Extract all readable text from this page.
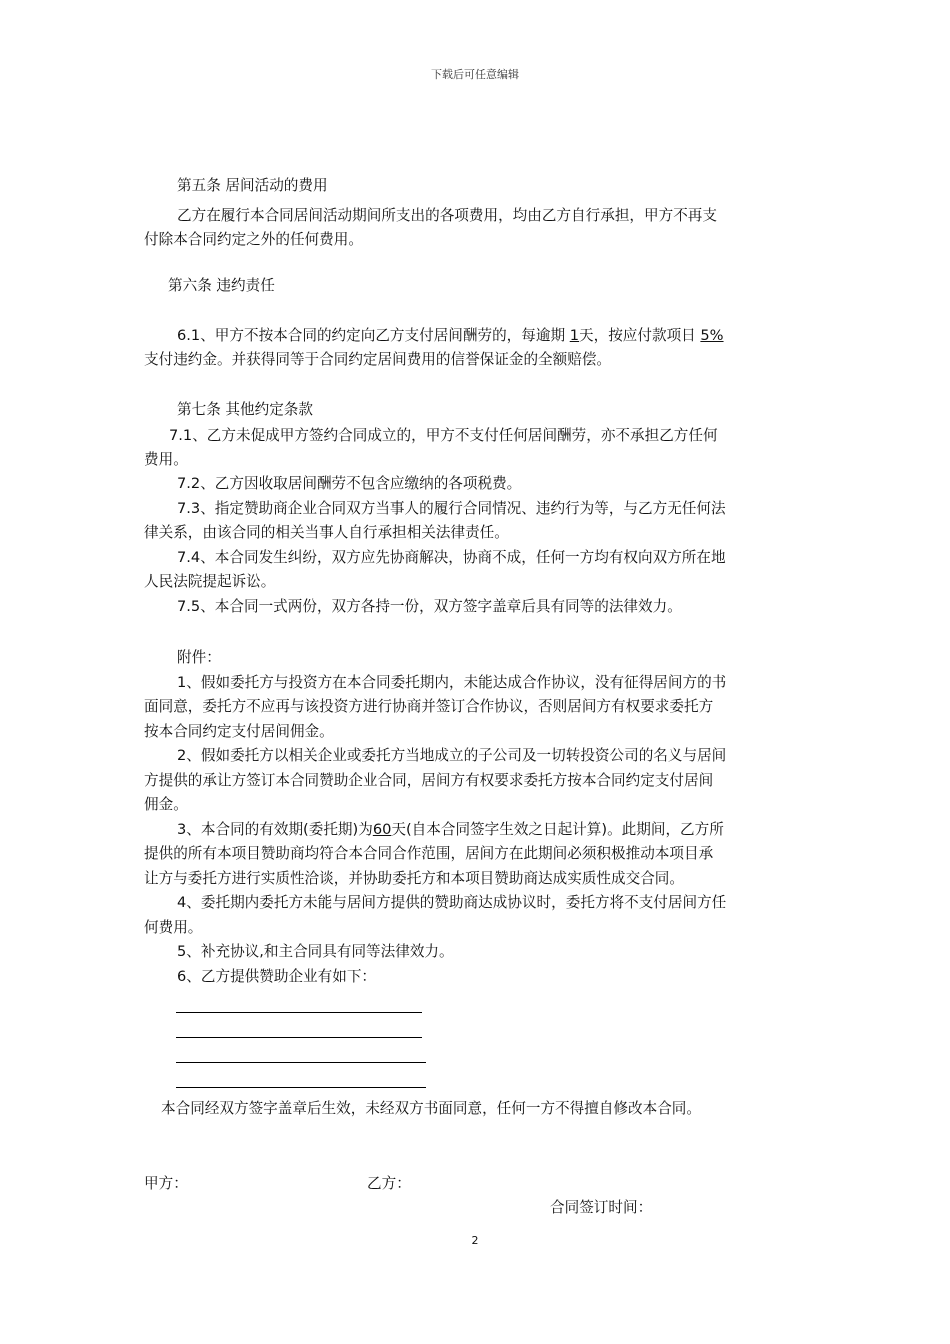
下载后可任意编辑
第五条 居间活动的费用
乙方在履行本合同居间活动期间所支出的各项费用，均由乙方自行承担，甲方不再支
付除本合同约定之外的任何费用。
第六条 违约责任
6.1、甲方不按本合同的约定向乙方支付居间酬劳的，每逾期 1天，按应付款项日 5%
支付违约金。并获得同等于合同约定居间费用的信誉保证金的全额赔偿。
第七条 其他约定条款
7.1、乙方未促成甲方签约合同成立的，甲方不支付任何居间酬劳，亦不承担乙方任何
费用。
7.2、乙方因收取居间酬劳不包含应缴纳的各项税费。
7.3、指定赞助商企业合同双方当事人的履行合同情况、违约行为等，与乙方无任何法
律关系，由该合同的相关当事人自行承担相关法律责任。
7.4、本合同发生纠纷，双方应先协商解决，协商不成，任何一方均有权向双方所在地
人民法院提起诉讼。
7.5、本合同一式两份，双方各持一份，双方签字盖章后具有同等的法律效力。
附件：
1、假如委托方与投资方在本合同委托期内，未能达成合作协议，没有征得居间方的书
面同意，委托方不应再与该投资方进行协商并签订合作协议，否则居间方有权要求委托方
按本合同约定支付居间佣金。
2、假如委托方以相关企业或委托方当地成立的子公司及一切转投资公司的名义与居间
方提供的承让方签订本合同赞助企业合同，居间方有权要求委托方按本合同约定支付居间
佣金。
3、本合同的有效期(委托期)为60天(自本合同签字生效之日起计算)。此期间，乙方所
提供的所有本项目赞助商均符合本合同合作范围，居间方在此期间必须积极推动本项目承
让方与委托方进行实质性洽谈，并协助委托方和本项目赞助商达成实质性成交合同。
4、委托期内委托方未能与居间方提供的赞助商达成协议时，委托方将不支付居间方任
何费用。
5、补充协议,和主合同具有同等法律效力。
6、乙方提供赞助企业有如下：
本合同经双方签字盖章后生效，未经双方书面同意，任何一方不得擅自修改本合同。
甲方：	乙方：
合同签订时间：
2
